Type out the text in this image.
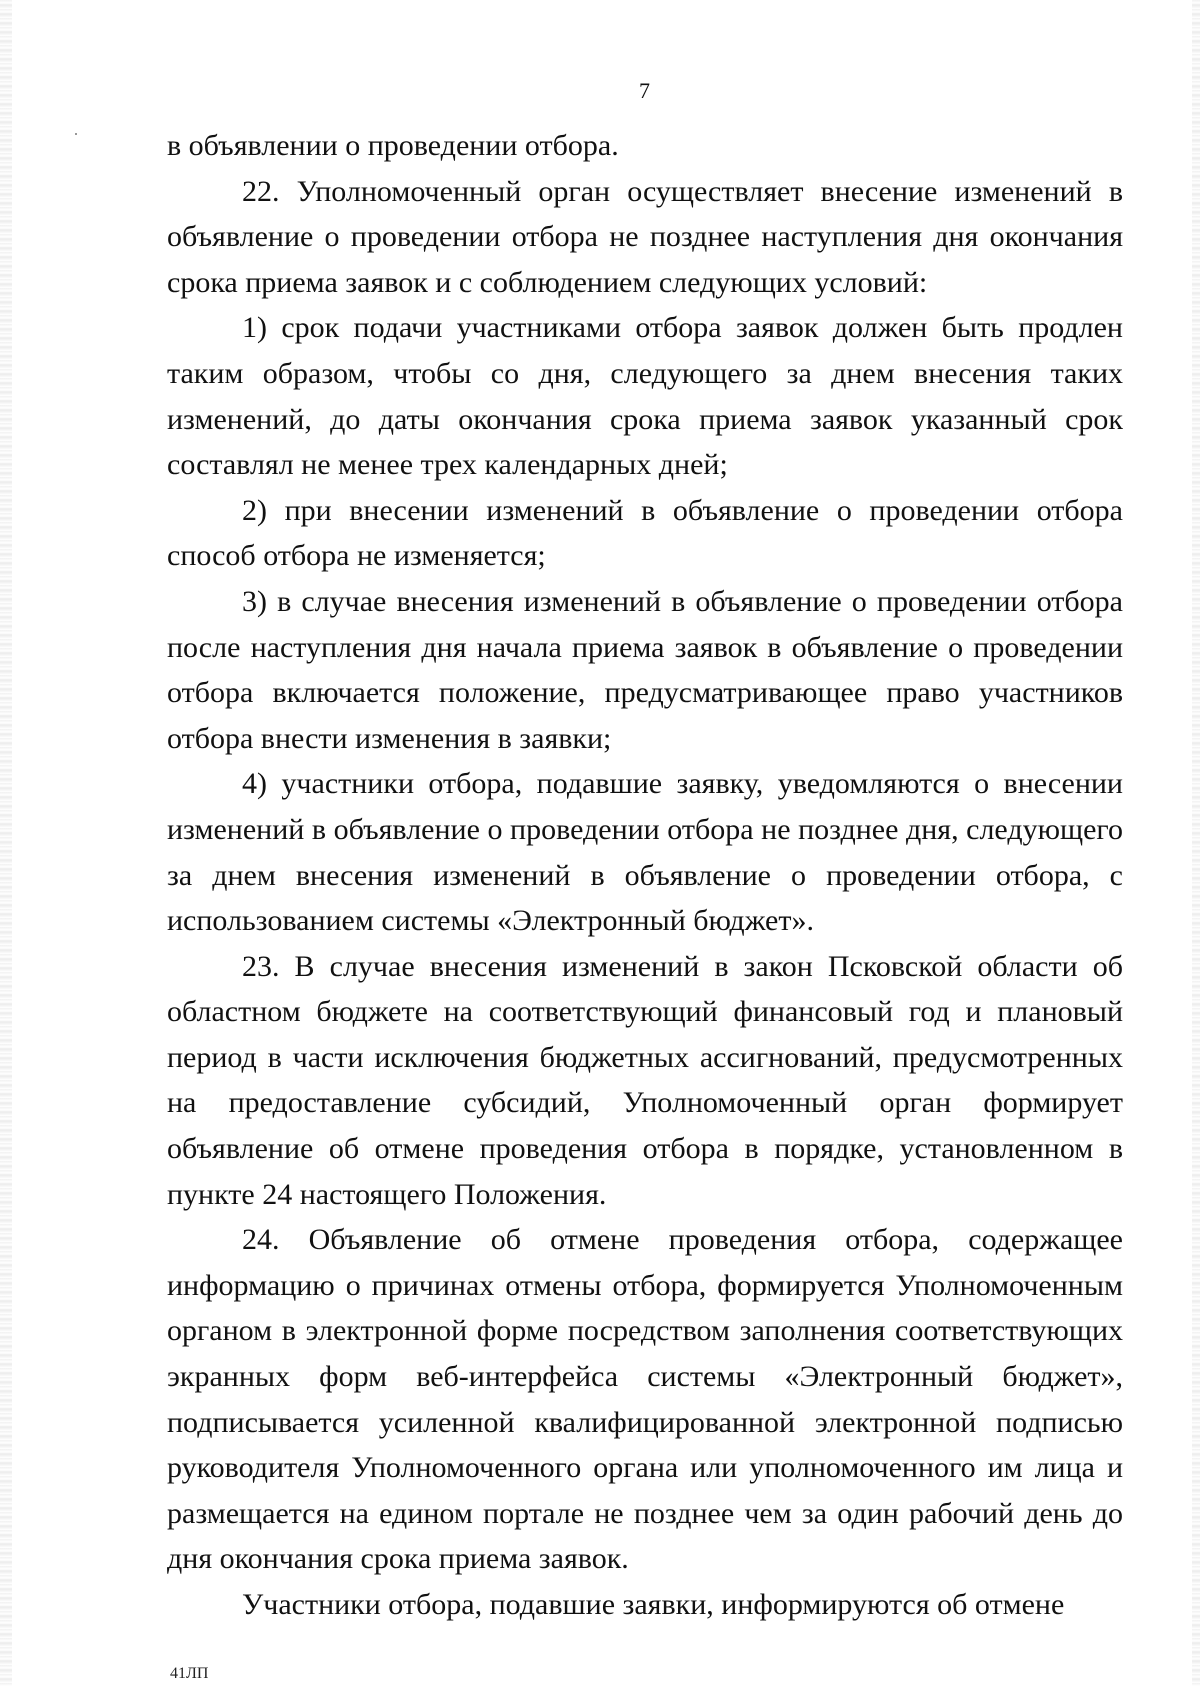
7

в объявлении о проведении отбора.

22. Уполномоченный орган осуществляет внесение изменений в объявление о проведении отбора не позднее наступления дня окончания срока приема заявок и с соблюдением следующих условий:

1) срок подачи участниками отбора заявок должен быть продлен таким образом, чтобы со дня, следующего за днем внесения таких изменений, до даты окончания срока приема заявок указанный срок составлял не менее трех календарных дней;

2) при внесении изменений в объявление о проведении отбора способ отбора не изменяется;

3) в случае внесения изменений в объявление о проведении отбора после наступления дня начала приема заявок в объявление о проведении отбора включается положение, предусматривающее право участников отбора внести изменения в заявки;

4) участники отбора, подавшие заявку, уведомляются о внесении изменений в объявление о проведении отбора не позднее дня, следующего за днем внесения изменений в объявление о проведении отбора, с использованием системы «Электронный бюджет».

23. В случае внесения изменений в закон Псковской области об областном бюджете на соответствующий финансовый год и плановый период в части исключения бюджетных ассигнований, предусмотренных на предоставление субсидий, Уполномоченный орган формирует объявление об отмене проведения отбора в порядке, установленном в пункте 24 настоящего Положения.

24. Объявление об отмене проведения отбора, содержащее информацию о причинах отмены отбора, формируется Уполномоченным органом в электронной форме посредством заполнения соответствующих экранных форм веб-интерфейса системы «Электронный бюджет», подписывается усиленной квалифицированной электронной подписью руководителя Уполномоченного органа или уполномоченного им лица и размещается на едином портале не позднее чем за один рабочий день до дня окончания срока приема заявок.

Участники отбора, подавшие заявки, информируются об отмене

41ЛП
